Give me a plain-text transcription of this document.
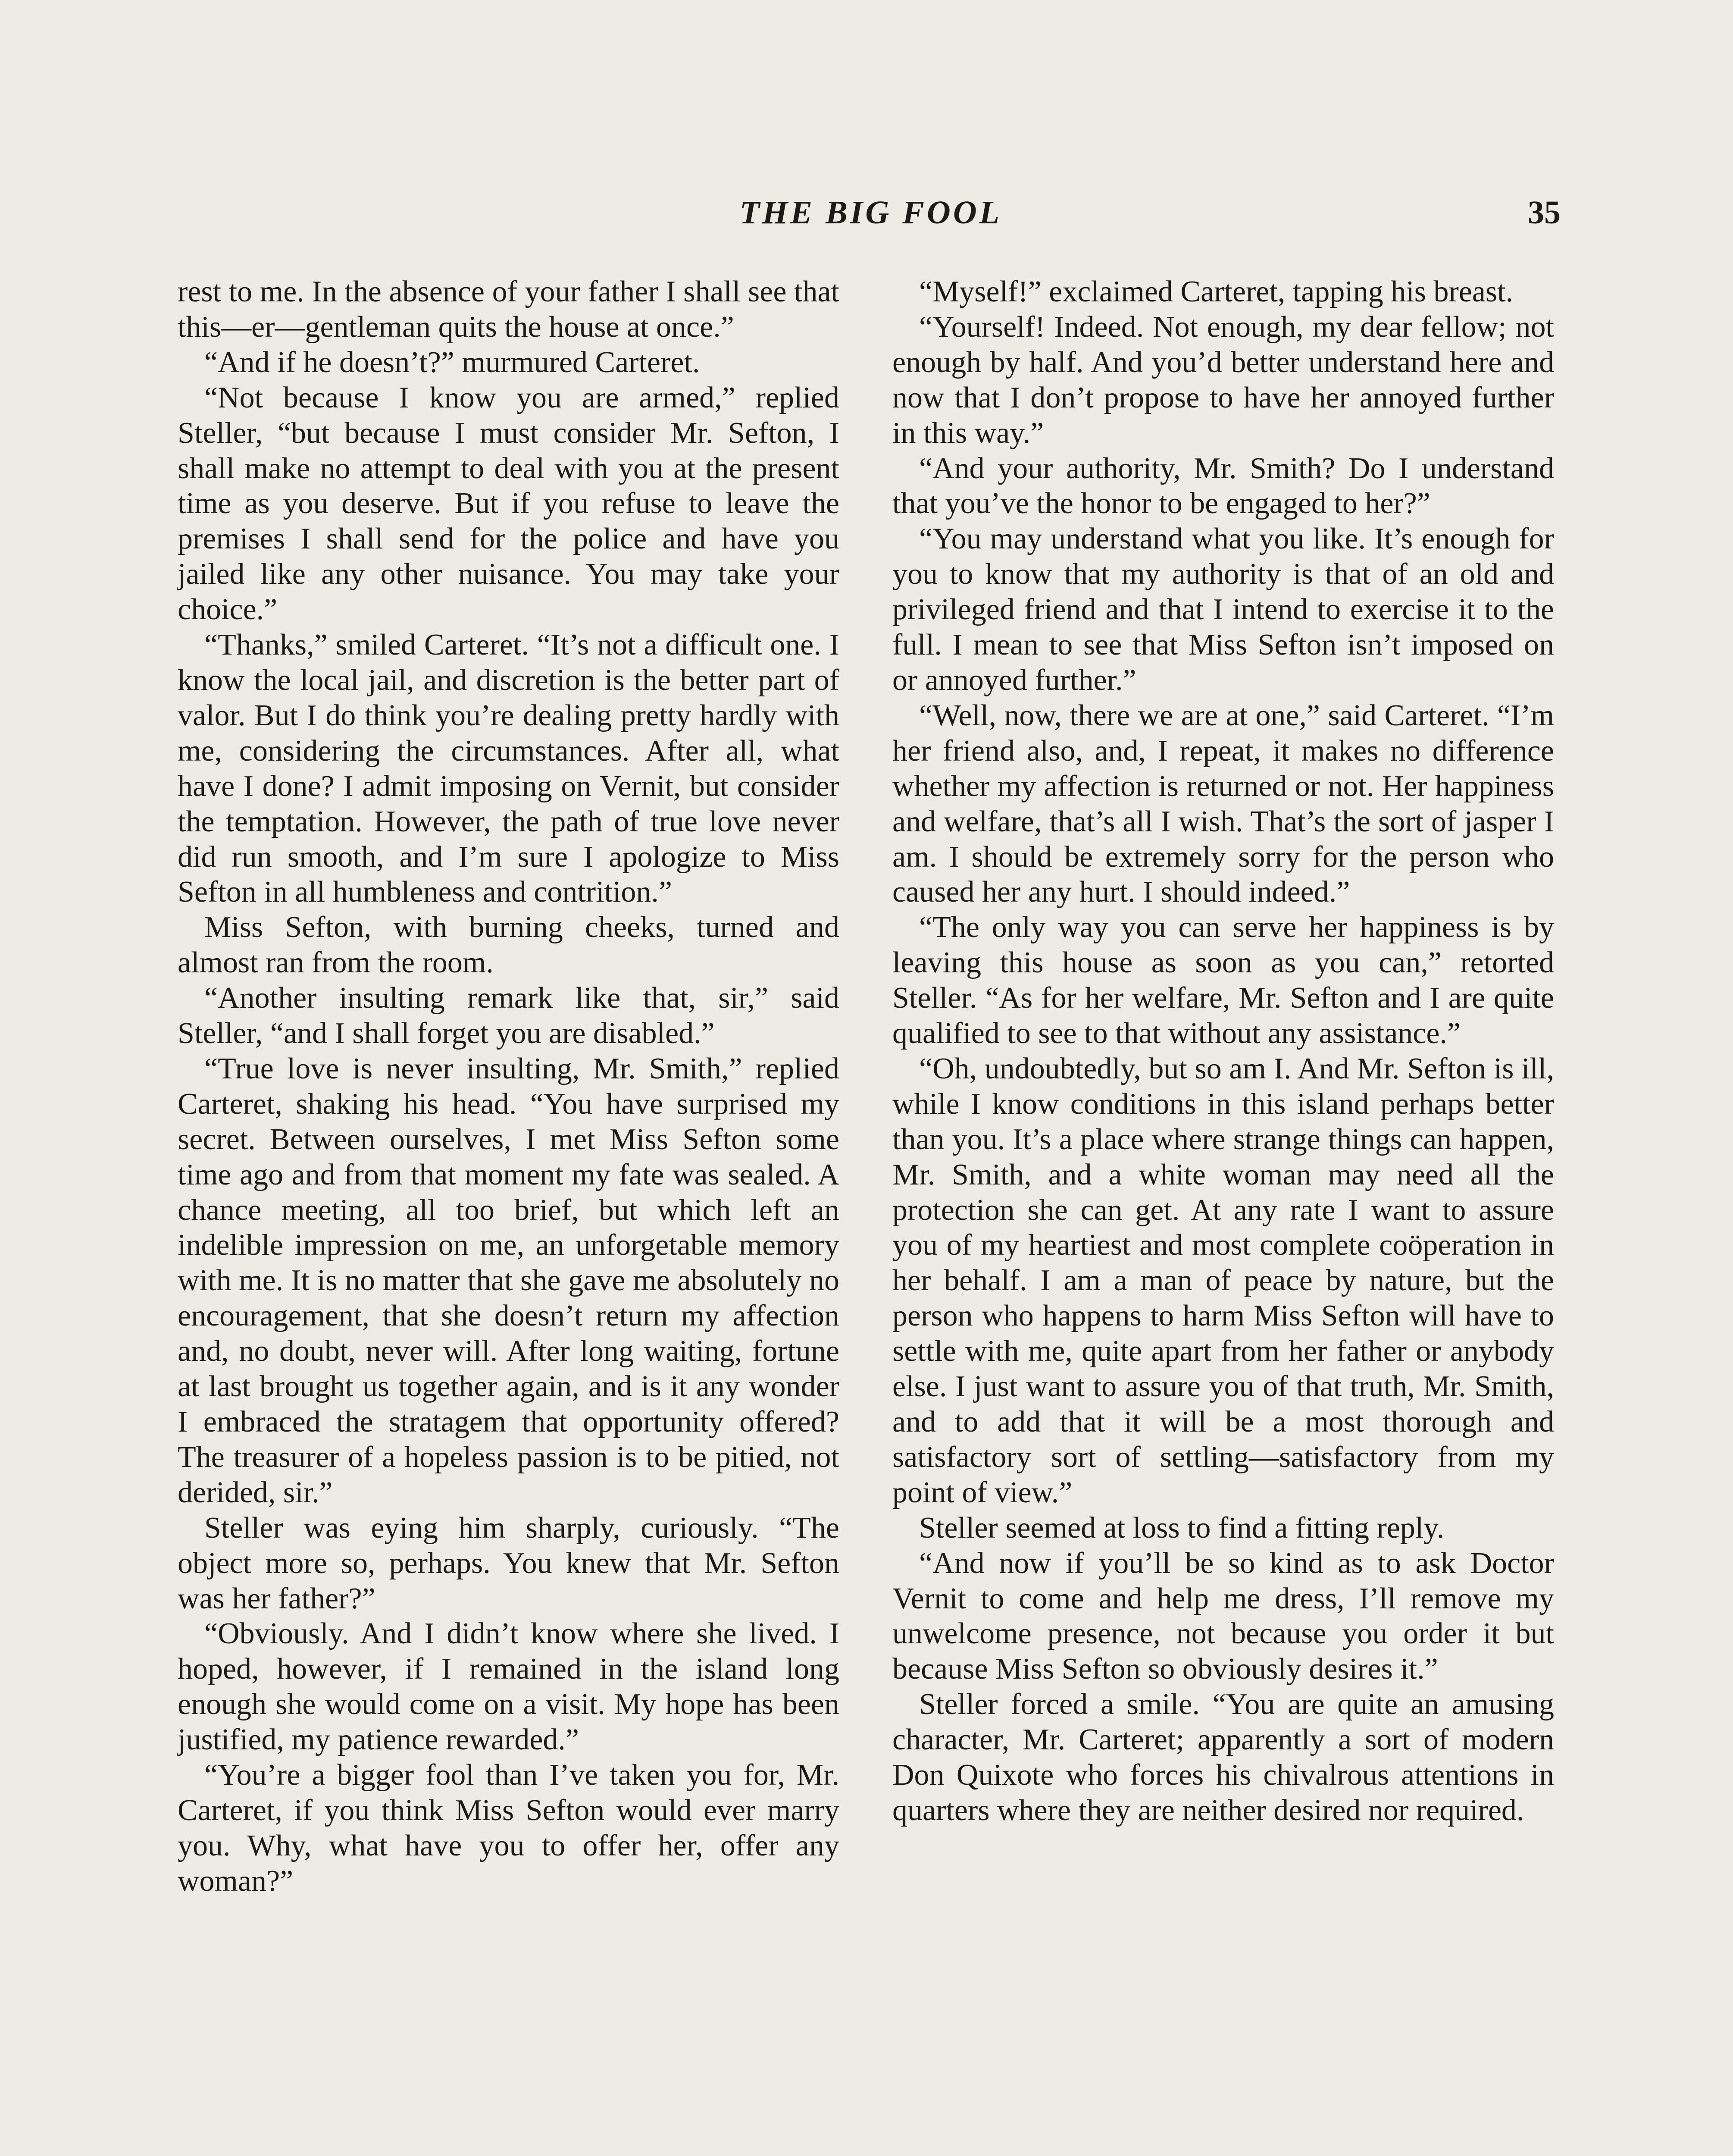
THE BIG FOOL	35

rest to me. In the absence of your father I shall see that this—er—gentleman quits the house at once.”

“And if he doesn’t?” murmured Carteret.

“Not because I know you are armed,” replied Steller, “but because I must consider Mr. Sefton, I shall make no attempt to deal with you at the present time as you deserve. But if you refuse to leave the premises I shall send for the police and have you jailed like any other nuisance. You may take your choice.”

“Thanks,” smiled Carteret. “It’s not a difficult one. I know the local jail, and discretion is the better part of valor. But I do think you’re dealing pretty hardly with me, considering the circumstances. After all, what have I done? I admit imposing on Vernit, but consider the temptation. However, the path of true love never did run smooth, and I’m sure I apologize to Miss Sefton in all humbleness and contrition.”

Miss Sefton, with burning cheeks, turned and almost ran from the room.

“Another insulting remark like that, sir,” said Steller, “and I shall forget you are disabled.”

“True love is never insulting, Mr. Smith,” replied Carteret, shaking his head. “You have surprised my secret. Between ourselves, I met Miss Sefton some time ago and from that moment my fate was sealed. A chance meeting, all too brief, but which left an indelible impression on me, an unforgetable memory with me. It is no matter that she gave me absolutely no encouragement, that she doesn’t return my affection and, no doubt, never will. After long waiting, fortune at last brought us together again, and is it any wonder I embraced the stratagem that opportunity offered? The treasurer of a hopeless passion is to be pitied, not derided, sir.”

Steller was eying him sharply, curiously. “The object more so, perhaps. You knew that Mr. Sefton was her father?”

“Obviously. And I didn’t know where she lived. I hoped, however, if I remained in the island long enough she would come on a visit. My hope has been justified, my patience rewarded.”

“You’re a bigger fool than I’ve taken you for, Mr. Carteret, if you think Miss Sefton would ever marry you. Why, what have you to offer her, offer any woman?”

“Myself!” exclaimed Carteret, tapping his breast.

“Yourself! Indeed. Not enough, my dear fellow; not enough by half. And you’d better understand here and now that I don’t propose to have her annoyed further in this way.”

“And your authority, Mr. Smith? Do I understand that you’ve the honor to be engaged to her?”

“You may understand what you like. It’s enough for you to know that my authority is that of an old and privileged friend and that I intend to exercise it to the full. I mean to see that Miss Sefton isn’t imposed on or annoyed further.”

“Well, now, there we are at one,” said Carteret. “I’m her friend also, and, I repeat, it makes no difference whether my affection is returned or not. Her happiness and welfare, that’s all I wish. That’s the sort of jasper I am. I should be extremely sorry for the person who caused her any hurt. I should indeed.”

“The only way you can serve her happiness is by leaving this house as soon as you can,” retorted Steller. “As for her welfare, Mr. Sefton and I are quite qualified to see to that without any assistance.”

“Oh, undoubtedly, but so am I. And Mr. Sefton is ill, while I know conditions in this island perhaps better than you. It’s a place where strange things can happen, Mr. Smith, and a white woman may need all the protection she can get. At any rate I want to assure you of my heartiest and most complete coöperation in her behalf. I am a man of peace by nature, but the person who happens to harm Miss Sefton will have to settle with me, quite apart from her father or anybody else. I just want to assure you of that truth, Mr. Smith, and to add that it will be a most thorough and satisfactory sort of settling—satisfactory from my point of view.”

Steller seemed at loss to find a fitting reply.

“And now if you’ll be so kind as to ask Doctor Vernit to come and help me dress, I’ll remove my unwelcome presence, not because you order it but because Miss Sefton so obviously desires it.”

Steller forced a smile. “You are quite an amusing character, Mr. Carteret; apparently a sort of modern Don Quixote who forces his chivalrous attentions in quarters where they are neither desired nor required.
